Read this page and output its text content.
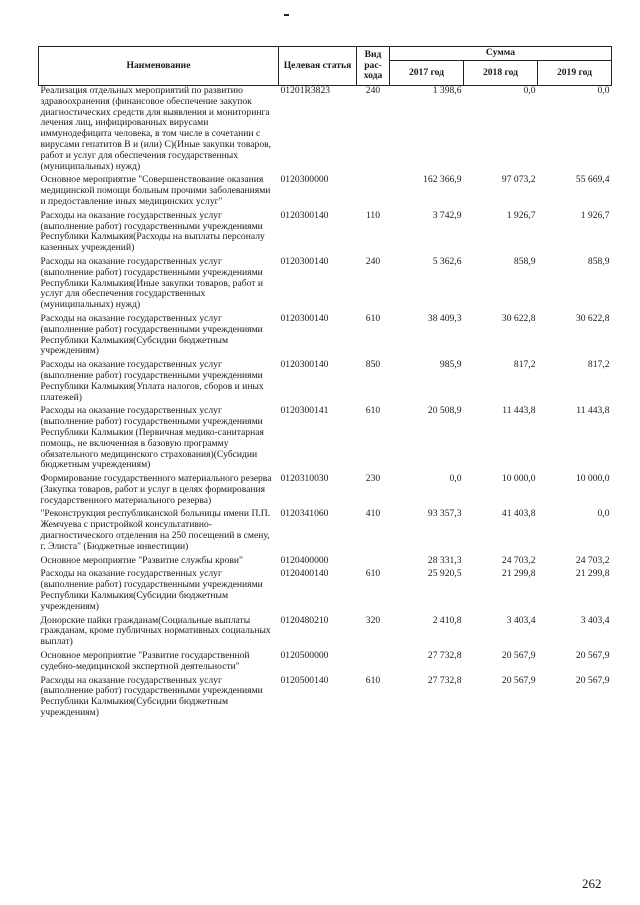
Наименование	Целевая статья	Вид рас-хода	Сумма		
			2017 год	2018 год	2019 год
Реализация отдельных мероприятий по развитию здравоохранения (финансовое обеспечение закупок диагностических средств для выявления и мониторинга лечения лиц, инфицированных вирусами иммунодефицита человека, в том числе в сочетании с вирусами гепатитов В и (или) С)(Иные закупки товаров, работ и услуг для обеспечения государственных (муниципальных) нужд)	01201R3823	240	1 398,6	0,0	0,0
Основное мероприятие "Совершенствование оказания медицинской помощи больным прочими заболеваниями и предоставление иных медицинских услуг"	0120300000		162 366,9	97 073,2	55 669,4
Расходы на оказание государственных услуг (выполнение работ) государственными учреждениями Республики Калмыкия(Расходы на выплаты персоналу казенных учреждений)	0120300140	110	3 742,9	1 926,7	1 926,7
Расходы на оказание государственных услуг (выполнение работ) государственными учреждениями Республики Калмыкия(Иные закупки товаров, работ и услуг для обеспечения государственных (муниципальных) нужд)	0120300140	240	5 362,6	858,9	858,9
Расходы на оказание государственных услуг (выполнение работ) государственными учреждениями Республики Калмыкия(Субсидии бюджетным учреждениям)	0120300140	610	38 409,3	30 622,8	30 622,8
Расходы на оказание государственных услуг (выполнение работ) государственными учреждениями Республики Калмыкия(Уплата налогов, сборов и иных платежей)	0120300140	850	985,9	817,2	817,2
Расходы на оказание государственных услуг (выполнение работ) государственными учреждениями Республики Калмыкия (Первичная медико-санитарная помощь, не включенная в базовую программу обязательного медицинского страхования)(Субсидии бюджетным учреждениям)	0120300141	610	20 508,9	11 443,8	11 443,8
Формирование государственного материального резерва (Закупка товаров, работ и услуг в целях формирования государственного материального резерва)	0120310030	230	0,0	10 000,0	10 000,0
"Реконструкция республиканской больницы имени П.П. Жемчуева с пристройкой консультативно-диагностического отделения на 250 посещений в смену, г. Элиста" (Бюджетные инвестиции)	0120341060	410	93 357,3	41 403,8	0,0
Основное мероприятие "Развитие службы крови"	0120400000		28 331,3	24 703,2	24 703,2
Расходы на оказание государственных услуг (выполнение работ) государственными учреждениями Республики Калмыкия(Субсидии бюджетным учреждениям)	0120400140	610	25 920,5	21 299,8	21 299,8
Донорские пайки гражданам(Социальные выплаты гражданам, кроме публичных нормативных социальных выплат)	0120480210	320	2 410,8	3 403,4	3 403,4
Основное мероприятие "Развитие государственной судебно-медицинской экспертной деятельности"	0120500000		27 732,8	20 567,9	20 567,9
Расходы на оказание государственных услуг (выполнение работ) государственными учреждениями Республики Калмыкия(Субсидии бюджетным учреждениям)	0120500140	610	27 732,8	20 567,9	20 567,9
262
